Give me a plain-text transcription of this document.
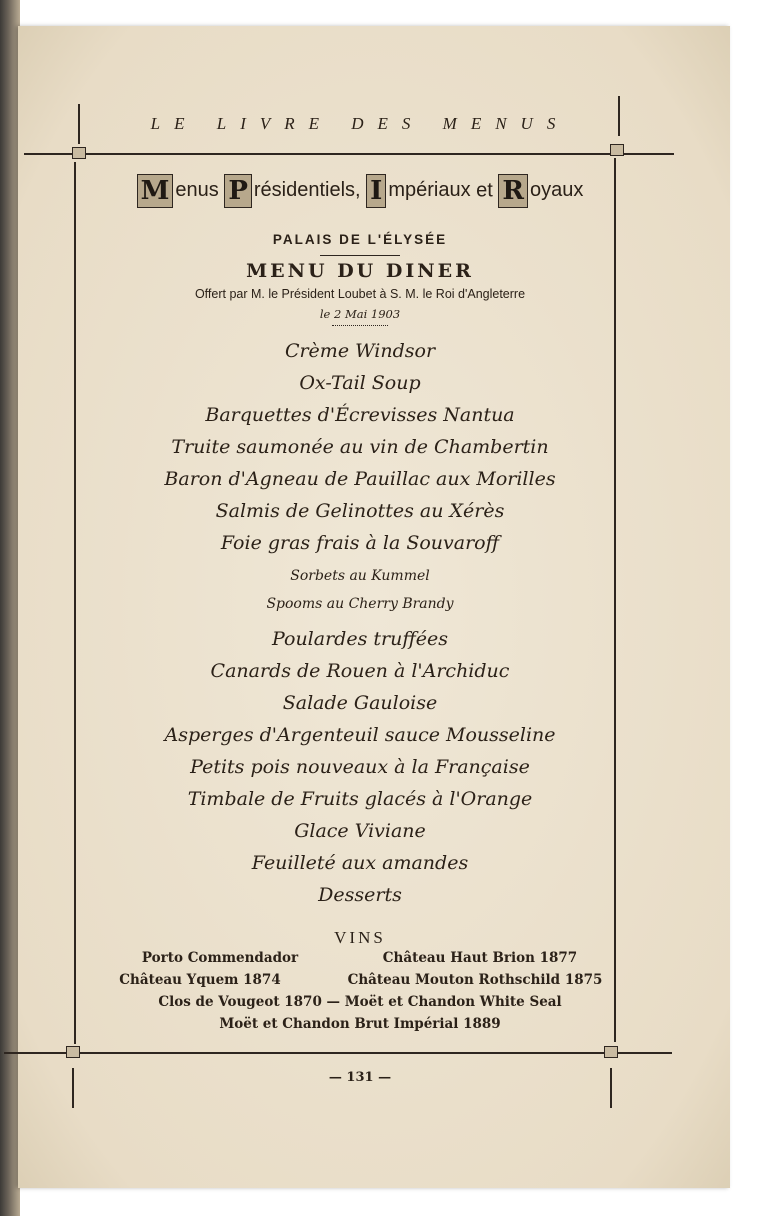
LE LIVRE DES MENUS
M enus P résidentiels, I mpériaux et R oyaux
PALAIS DE L'ÉLYSÉE
MENU DU DINER
Offert par M. le Président Loubet à S. M. le Roi d'Angleterre
le 2 Mai 1903
Crème Windsor
Ox-Tail Soup
Barquettes d'Écrevisses Nantua
Truite saumonée au vin de Chambertin
Baron d'Agneau de Pauillac aux Morilles
Salmis de Gelinottes au Xérès
Foie gras frais à la Souvaroff
Sorbets au Kummel
Spooms au Cherry Brandy
Poulardes truffées
Canards de Rouen à l'Archiduc
Salade Gauloise
Asperges d'Argenteuil sauce Mousseline
Petits pois nouveaux à la Française
Timbale de Fruits glacés à l'Orange
Glace Viviane
Feuilleté aux amandes
Desserts
VINS
Porto Commendador	Château Haut Brion 1877
Château Yquem 1874	Château Mouton Rothschild 1875
Clos de Vougeot 1870 — Moët et Chandon White Seal
Moët et Chandon Brut Impérial 1889
— 131 —
